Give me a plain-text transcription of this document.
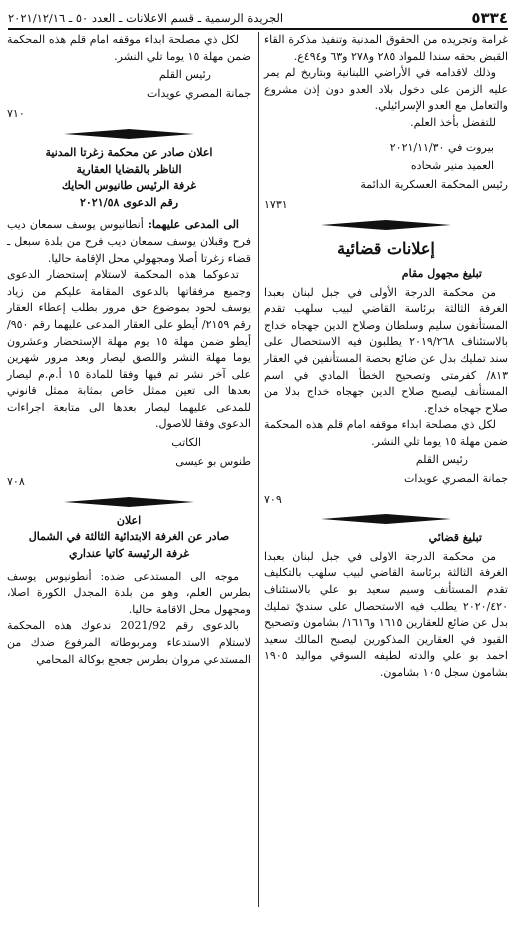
٥٣٣٤
الجريدة الرسمية ـ قسم الاعلانات ـ العدد ٥٠ ـ ٢٠٢١/١٢/١٦

غرامة وتجريده من الحقوق المدنية وتنفيذ مذكرة القاء القبض بحقه سندا للمواد ٢٨٥ و٢٧٨ و٦٣ و٤٩٤ع.

وذلك لاقدامه في الأراضي اللبنانية وبتاريخ لم يمر عليه الزمن على دخول بلاد العدو دون إذن مشروع والتعامل مع العدو الإسرائيلي.

للتفضل بأخذ العلم.

بيروت في ٢٠٢١/١١/٣٠

العميد منير شحاده

رئيس المحكمة العسكرية الدائمة

١٧٣١
إعلانات قضائية
تبليغ مجهول مقام

من محكمة الدرجة الأولى في جبل لبنان بعبدا الغرفة الثالثة برئاسة القاضي لبيب سلهب تقدم المستأنفون سليم وسلطان وصلاح الدين جهجاه خداج بالاستئناف ٢٠١٩/٢٦٨ يطلبون فيه الاستحصال على سند تمليك بدل عن ضائع بحصة المستأنفين في العقار ٨١٣/ كفرمتى وتصحيح الخطأ المادي في اسم المستأنف ليصبح صلاح الدين جهجاه خداج بدلا من صلاح جهجاه خداج.

لكل ذي مصلحة ابداء موقفه امام قلم هذه المحكمة ضمن مهلة ١٥ يوما تلي النشر.

رئيس القلم

جمانة المصري عويدات

٧٠٩
تبليغ قضائي

من محكمة الدرجة الاولى في جبل لبنان بعبدا الغرفة الثالثة برئاسة القاضي لبيب سلهب بالتكليف تقدم المستأنف وسيم سعيد بو علي بالاستئناف ٢٠٢٠/٤٢٠ يطلب فيه الاستحصال على سنديّ تمليك بدل عن ضائع للعقارين ١٦١٥ و١٦١٦/ بشامون وتصحيح القيود في العقارين المذكورين ليصبح المالك سعيد احمد بو علي والدته لطيفه السوقي مواليد ١٩٠٥ بشامون سجل ١٠٥ بشامون.

لكل ذي مصلحة ابداء موقفه امام قلم هذه المحكمة ضمن مهلة ١٥ يوما تلي النشر.

رئيس القلم

جمانة المصري عويدات

٧١٠
اعلان صادر عن محكمة زغرتا المدنية
الناظر بالقضايا العقارية
غرفة الرئيس طانيوس الحايك
رقم الدعوى ٢٠٢١/٥٨

الى المدعى عليهما: أنطانيوس يوسف سمعان ديب فرح وقبلان يوسف سمعان ديب فرح من بلدة سبعل ـ قضاء زغرتا أصلا ومجهولي محل الإقامة حاليا.

تدعوكما هذه المحكمة لاستلام إستحضار الدعوى وجميع مرفقاتها بالدعوى المقامة عليكم من زياد يوسف لحود بموضوع حق مرور بطلب إعطاء العقار رقم ٢١٥٩/ أيطو على العقار المدعى عليهما رقم ٩٥٠/ أيطو ضمن مهلة ١٥ يوم مهلة الإستحضار وعشرون يوما مهلة النشر واللصق ليصار وبعد مرور شهرين على آخر نشر تم فيها وفقا للمادة ١٥ أ.م.م ليصار بعدها الى تعين ممثل خاص بمثابة ممثل قانوني للمدعى عليهما ليصار بعدها الى متابعة اجراءات الدعوى وفقا للاصول.

الكاتب

طنوس بو عيسى

٧٠٨
اعلان
صادر عن الغرفة الابتدائية الثالثة في الشمال
غرفة الرئيسة كاتيا عنداري

موجه الى المستدعى ضده: أنطونيوس يوسف بطرس العلم، وهو من بلدة المجدل الكورة اصلا، ومجهول محل الاقامة حاليا.

بالدعوى رقم 2021/92 ندعوك هذه المحكمة لاستلام الاستدعاء ومربوطاته المرفوع ضدك من المستدعي مروان بطرس جعجع بوكالة المحامي
